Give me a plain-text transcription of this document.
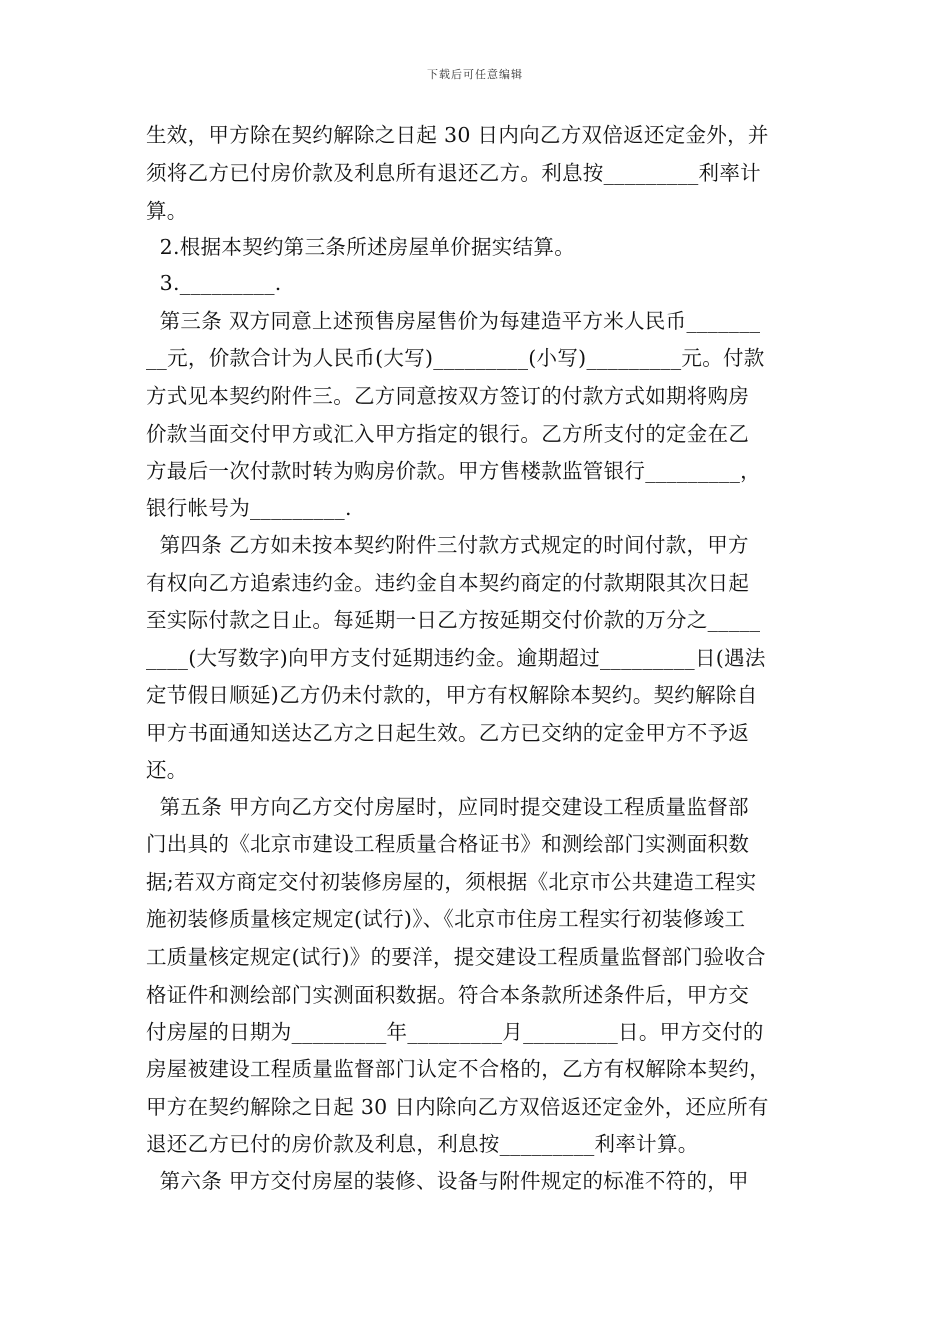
下载后可任意编辑
生效，甲方除在契约解除之日起 30 日内向乙方双倍返还定金外，并
须将乙方已付房价款及利息所有退还乙方。利息按_________利率计
算。
2.根据本契约第三条所述房屋单价据实结算。
3._________.
第三条 双方同意上述预售房屋售价为每建造平方米人民币_______
__元，价款合计为人民币(大写)_________(小写)_________元。付款
方式见本契约附件三。乙方同意按双方签订的付款方式如期将购房
价款当面交付甲方或汇入甲方指定的银行。乙方所支付的定金在乙
方最后一次付款时转为购房价款。甲方售楼款监管银行_________，
银行帐号为_________.
第四条 乙方如未按本契约附件三付款方式规定的时间付款，甲方
有权向乙方追索违约金。违约金自本契约商定的付款期限其次日起
至实际付款之日止。每延期一日乙方按延期交付价款的万分之_____
____(大写数字)向甲方支付延期违约金。逾期超过_________日(遇法
定节假日顺延)乙方仍未付款的，甲方有权解除本契约。契约解除自
甲方书面通知送达乙方之日起生效。乙方已交纳的定金甲方不予返
还。
第五条 甲方向乙方交付房屋时，应同时提交建设工程质量监督部
门出具的《北京市建设工程质量合格证书》和测绘部门实测面积数
据;若双方商定交付初装修房屋的，须根据《北京市公共建造工程实
施初装修质量核定规定(试行)》、《北京市住房工程实行初装修竣工
工质量核定规定(试行)》的要洋，提交建设工程质量监督部门验收合
格证件和测绘部门实测面积数据。符合本条款所述条件后，甲方交
付房屋的日期为_________年_________月_________日。甲方交付的
房屋被建设工程质量监督部门认定不合格的，乙方有权解除本契约，
甲方在契约解除之日起 30 日内除向乙方双倍返还定金外，还应所有
退还乙方已付的房价款及利息，利息按_________利率计算。
第六条 甲方交付房屋的装修、设备与附件规定的标准不符的，甲
